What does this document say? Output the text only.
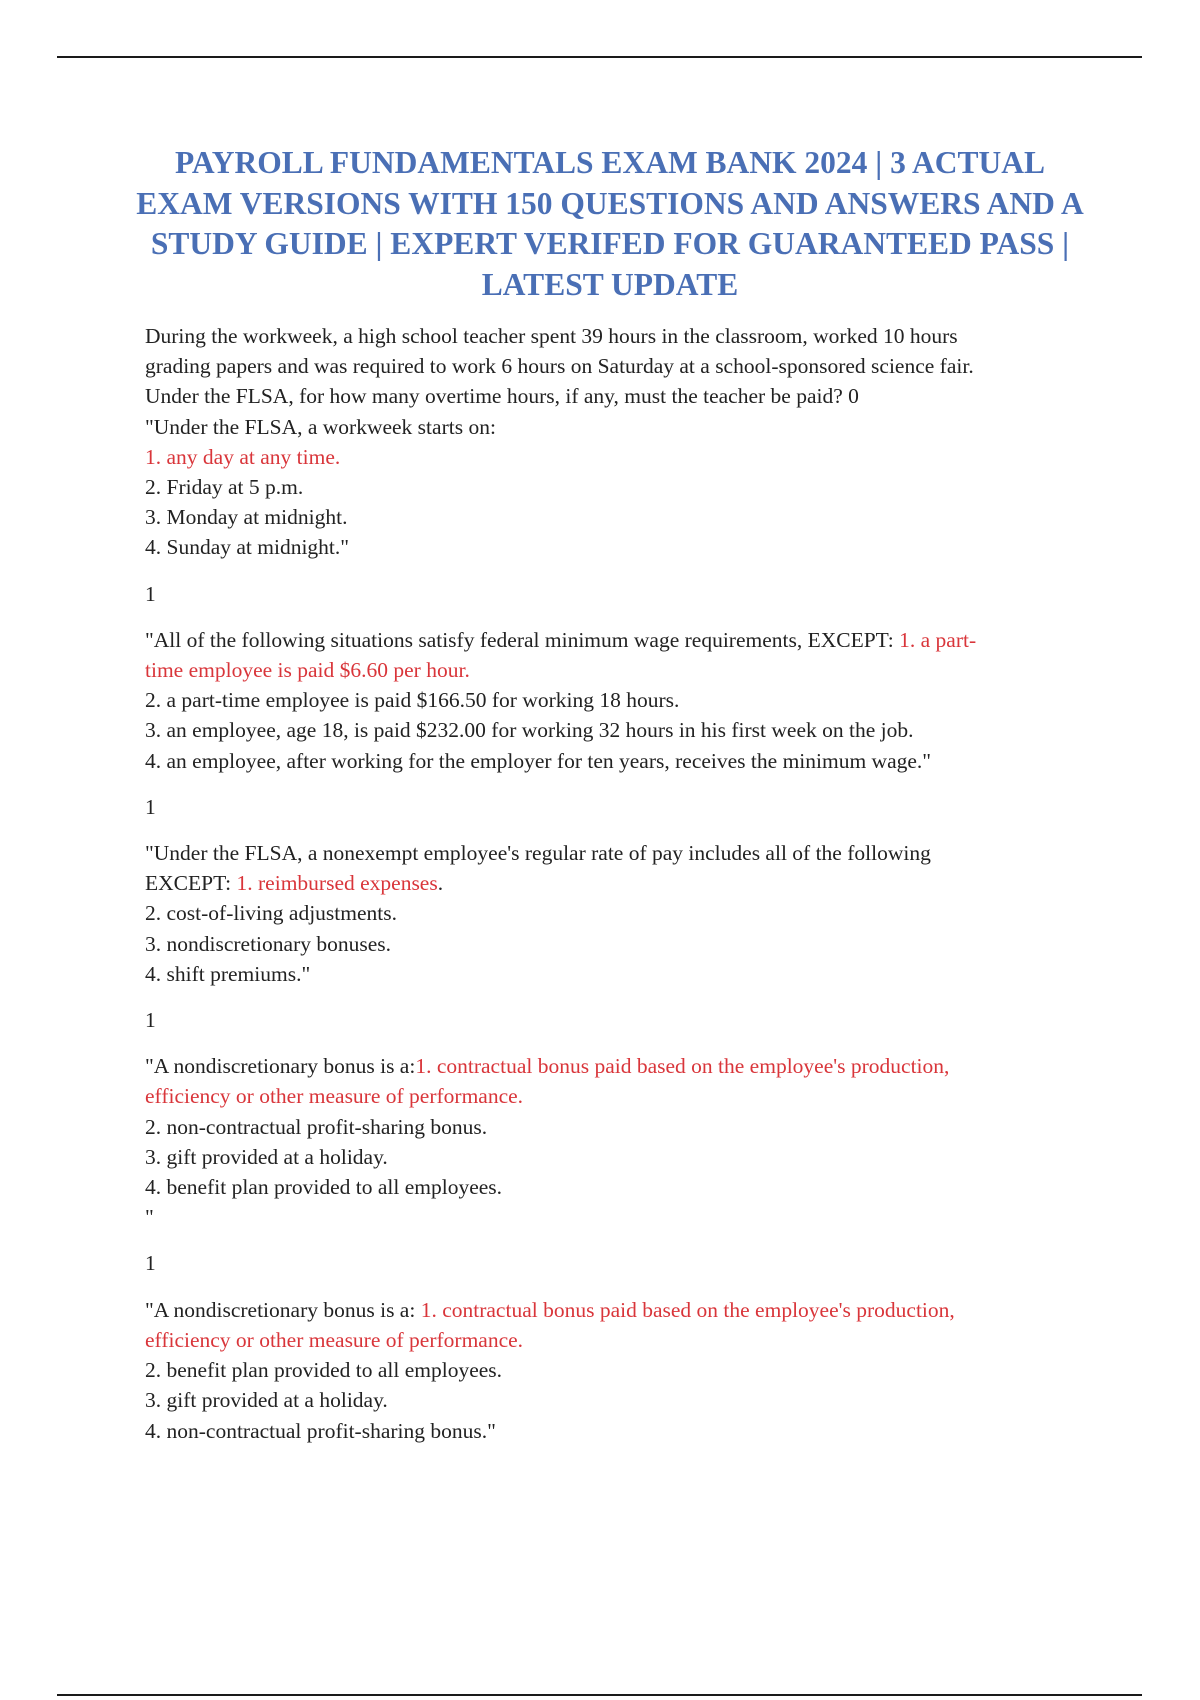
PAYROLL FUNDAMENTALS EXAM BANK 2024 | 3 ACTUAL EXAM VERSIONS WITH 150 QUESTIONS AND ANSWERS AND A STUDY GUIDE | EXPERT VERIFED FOR GUARANTEED PASS | LATEST UPDATE

During the workweek, a high school teacher spent 39 hours in the classroom, worked 10 hours

grading papers and was required to work 6 hours on Saturday at a school-sponsored science fair.

Under the FLSA, for how many overtime hours, if any, must the teacher be paid? 0

"Under the FLSA, a workweek starts on:

1. any day at any time.

2. Friday at 5 p.m.

3. Monday at midnight.

4. Sunday at midnight."

1

"All of the following situations satisfy federal minimum wage requirements, EXCEPT: 1. a part-

time employee is paid $6.60 per hour.

2. a part-time employee is paid $166.50 for working 18 hours.

3. an employee, age 18, is paid $232.00 for working 32 hours in his first week on the job.

4. an employee, after working for the employer for ten years, receives the minimum wage."

1

"Under the FLSA, a nonexempt employee's regular rate of pay includes all of the following

EXCEPT: 1. reimbursed expenses.

2. cost-of-living adjustments.

3. nondiscretionary bonuses.

4. shift premiums."

1

"A nondiscretionary bonus is a:1. contractual bonus paid based on the employee's production,

efficiency or other measure of performance.

2. non-contractual profit-sharing bonus.

3. gift provided at a holiday.

4. benefit plan provided to all employees.

"

1

"A nondiscretionary bonus is a: 1. contractual bonus paid based on the employee's production,

efficiency or other measure of performance.

2. benefit plan provided to all employees.

3. gift provided at a holiday.

4. non-contractual profit-sharing bonus."
